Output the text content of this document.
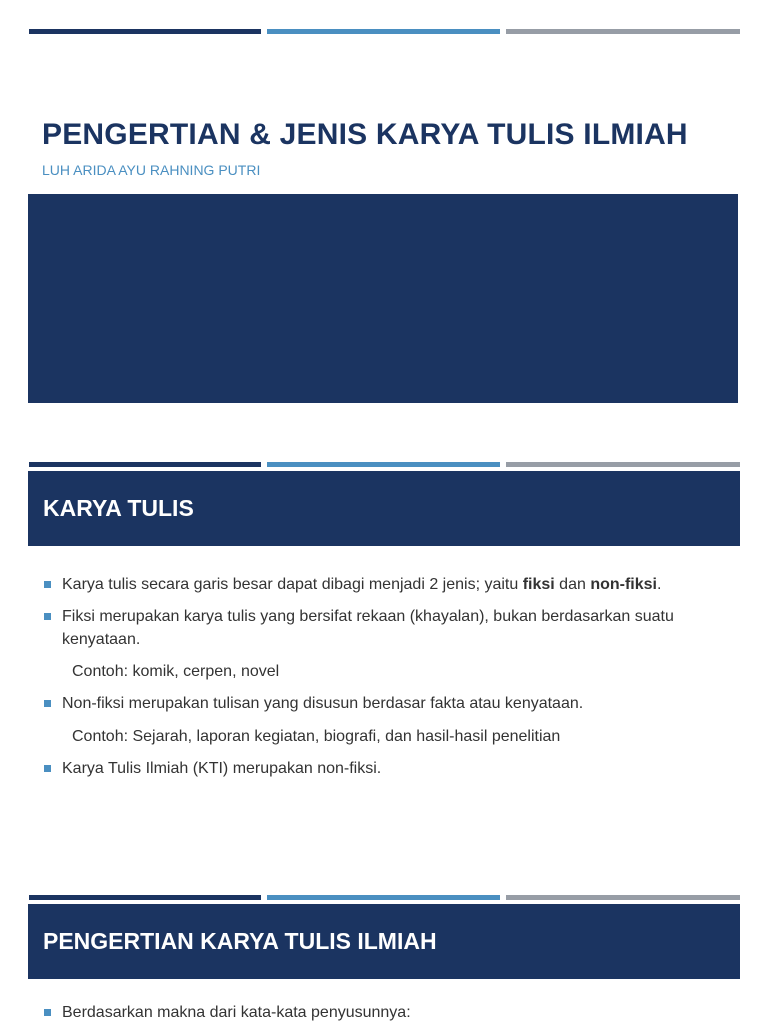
PENGERTIAN & JENIS KARYA TULIS ILMIAH

LUH ARIDA AYU RAHNING PUTRI

KARYA TULIS
Karya tulis secara garis besar dapat dibagi menjadi 2 jenis; yaitu fiksi dan non-fiksi.
Fiksi merupakan karya tulis yang bersifat rekaan (khayalan), bukan berdasarkan suatu kenyataan.
Contoh: komik, cerpen, novel
Non-fiksi merupakan tulisan yang disusun berdasar fakta atau kenyataan.
Contoh: Sejarah, laporan kegiatan, biografi, dan hasil-hasil penelitian
Karya Tulis Ilmiah (KTI) merupakan non-fiksi.
PENGERTIAN KARYA TULIS ILMIAH
Berdasarkan makna dari kata-kata penyusunnya:
